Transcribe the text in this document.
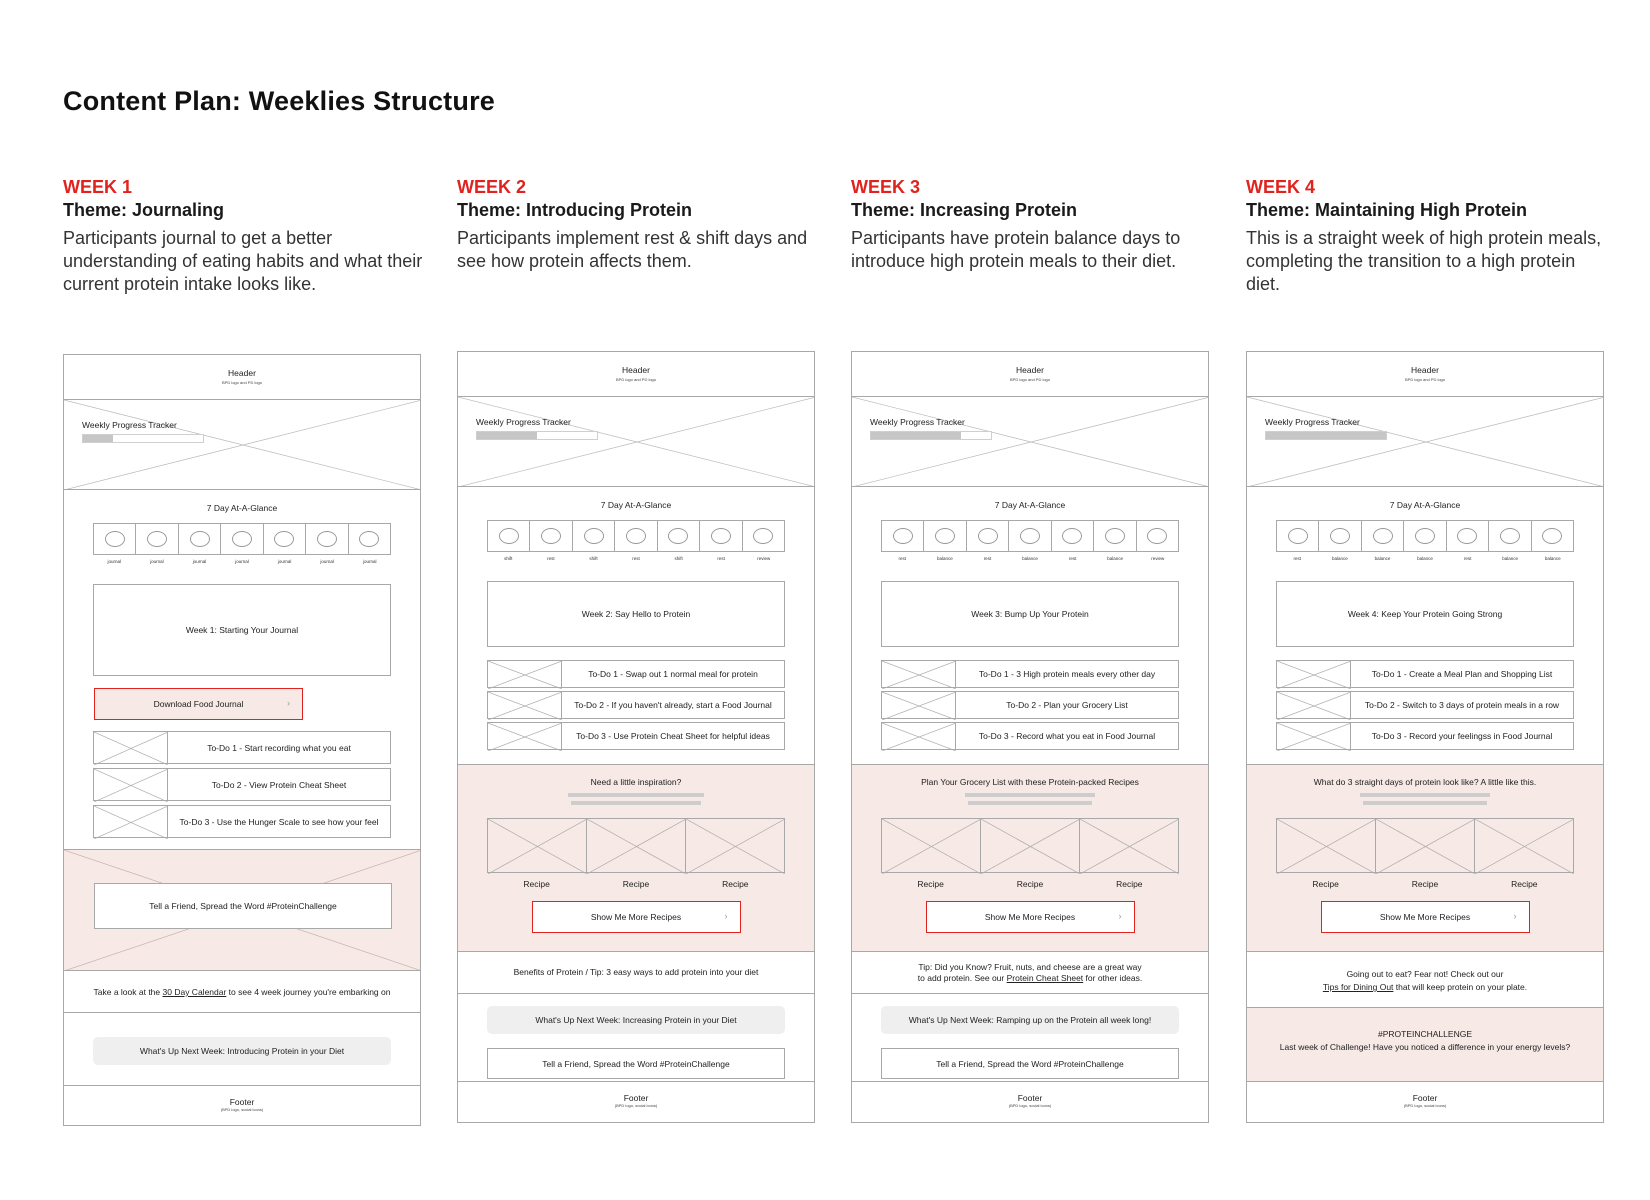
Content Plan: Weeklies Structure
WEEK 1
Theme: Journaling
Participants journal to get a better understanding of eating habits and what their current protein intake looks like.
WEEK 2
Theme: Introducing Protein
Participants implement rest & shift days and see how protein affects them.
WEEK 3
Theme: Increasing Protein
Participants have protein balance days to introduce high protein meals to their diet.
WEEK 4
Theme: Maintaining High Protein
This is a straight week of high protein meals, completing the transition to a high protein diet.
Header
BPD logo and PD logo
Weekly Progress Tracker
7 Day At-A-Glance
journal	journal	journal	journal	journal	journal	journal
Week 1: Starting Your Journal
Download Food Journal	›
To-Do 1 - Start recording what you eat
To-Do 2 - View Protein Cheat Sheet
To-Do 3 - Use the Hunger Scale to see how your feel
Tell a Friend, Spread the Word #ProteinChallenge
Take a look at the 30 Day Calendar to see 4 week journey you're embarking on
What's Up Next Week: Introducing Protein in your Diet
Footer
(BPD logo, social icons)
Header
BPD logo and PD logo
Weekly Progress Tracker
7 Day At-A-Glance
shift	rest	shift	rest	shift	rest	review
Week 2: Say Hello to Protein
To-Do 1 - Swap out 1 normal meal for protein
To-Do 2 - If you haven't already, start a Food Journal
To-Do 3 - Use Protein Cheat Sheet for helpful ideas
Need a little inspiration?
Recipe	Recipe	Recipe
Show Me More Recipes	›
Benefits of Protein / Tip: 3 easy ways to add protein into your diet
What's Up Next Week: Increasing Protein in your Diet
Tell a Friend, Spread the Word #ProteinChallenge
Footer
(BPD logo, social icons)
Header
BPD logo and PD logo
Weekly Progress Tracker
7 Day At-A-Glance
rest	balance	rest	balance	rest	balance	review
Week 3: Bump Up Your Protein
To-Do 1 - 3 High protein meals every other day
To-Do 2 - Plan your Grocery List
To-Do 3 - Record what you eat in Food Journal
Plan Your Grocery List with these Protein-packed Recipes
Recipe	Recipe	Recipe
Show Me More Recipes	›
Tip: Did you Know? Fruit, nuts, and cheese are a great way
to add protein. See our Protein Cheat Sheet for other ideas.
What's Up Next Week: Ramping up on the Protein all week long!
Tell a Friend, Spread the Word #ProteinChallenge
Footer
(BPD logo, social icons)
Header
BPD logo and PD logo
Weekly Progress Tracker
7 Day At-A-Glance
rest	balance	balance	balance	rest	balance	balance
Week 4: Keep Your Protein Going Strong
To-Do 1 - Create a Meal Plan and Shopping List
To-Do 2 - Switch to 3 days of protein meals in a row
To-Do 3 - Record your feelingss in Food Journal
What do 3 straight days of protein look like? A little like this.
Recipe	Recipe	Recipe
Show Me More Recipes	›
Going out to eat? Fear not! Check out our
Tips for Dining Out that will keep protein on your plate.
#PROTEINCHALLENGE
Last week of Challenge! Have you noticed a difference in your energy levels?
Footer
(BPD logo, social icons)
